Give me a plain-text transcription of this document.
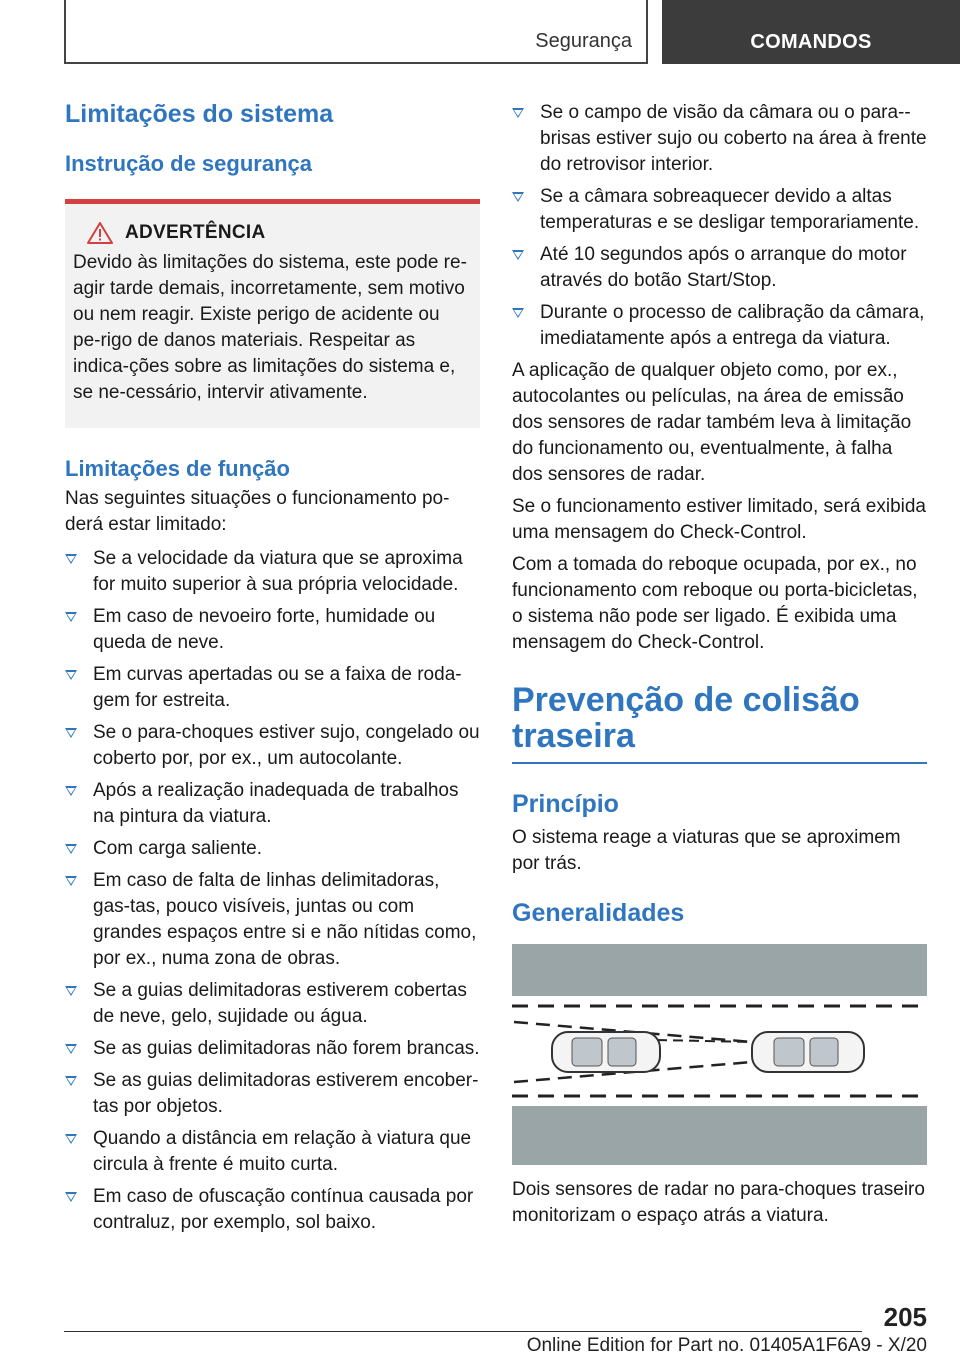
Segurança	COMANDOS
Limitações do sistema
Instrução de segurança
ADVERTÊNCIA

Devido às limitações do sistema, este pode re-agir tarde demais, incorretamente, sem motivo ou nem reagir. Existe perigo de acidente ou pe-rigo de danos materiais. Respeitar as indica-ções sobre as limitações do sistema e, se ne-cessário, intervir ativamente.

Limitações de função

Nas seguintes situações o funcionamento po-derá estar limitado:

Se a velocidade da viatura que se aproxima for muito superior à sua própria velocidade.
Em caso de nevoeiro forte, humidade ou queda de neve.
Em curvas apertadas ou se a faixa de roda-gem for estreita.
Se o para-choques estiver sujo, congelado ou coberto por, por ex., um autocolante.
Após a realização inadequada de trabalhos na pintura da viatura.
Com carga saliente.
Em caso de falta de linhas delimitadoras, gas-tas, pouco visíveis, juntas ou com grandes espaços entre si e não nítidas como, por ex., numa zona de obras.
Se a guias delimitadoras estiverem cobertas de neve, gelo, sujidade ou água.
Se as guias delimitadoras não forem brancas.
Se as guias delimitadoras estiverem encober-tas por objetos.
Quando a distância em relação à viatura que circula à frente é muito curta.
Em caso de ofuscação contínua causada por contraluz, por exemplo, sol baixo.
Se o campo de visão da câmara ou o para--brisas estiver sujo ou coberto na área à frente do retrovisor interior.
Se a câmara sobreaquecer devido a altas temperaturas e se desligar temporariamente.
Até 10 segundos após o arranque do motor através do botão Start/Stop.
Durante o processo de calibração da câmara, imediatamente após a entrega da viatura.

A aplicação de qualquer objeto como, por ex., autocolantes ou películas, na área de emissão dos sensores de radar também leva à limitação do funcionamento ou, eventualmente, à falha dos sensores de radar.

Se o funcionamento estiver limitado, será exibida uma mensagem do Check-Control.

Com a tomada do reboque ocupada, por ex., no funcionamento com reboque ou porta-bicicletas, o sistema não pode ser ligado. É exibida uma mensagem do Check-Control.

Prevenção de colisão
traseira
Princípio

O sistema reage a viaturas que se aproximem por trás.

Generalidades

Dois sensores de radar no para-choques traseiro monitorizam o espaço atrás a viatura.

205
Online Edition for Part no. 01405A1F6A9 - X/20
